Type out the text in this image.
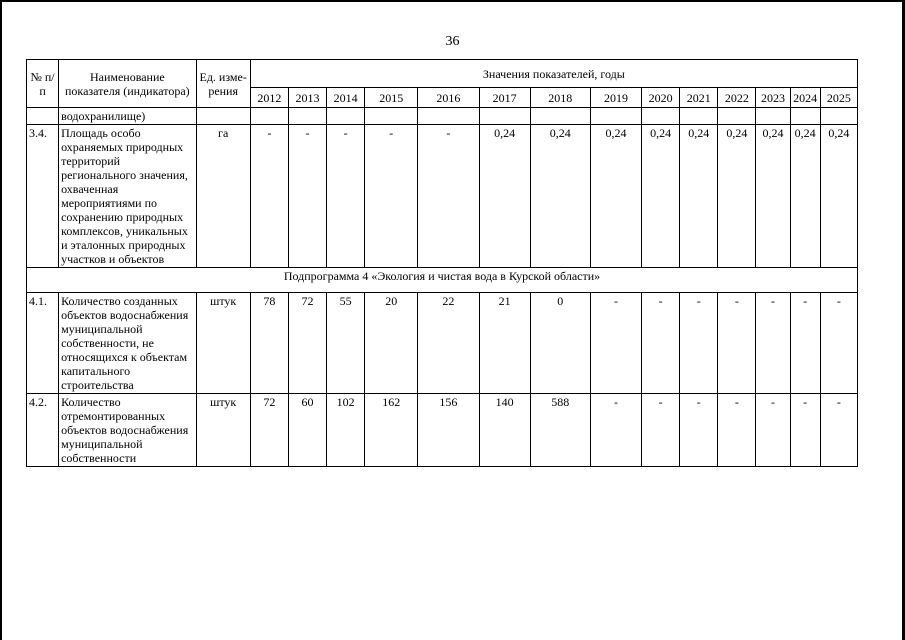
36
№ п/п	Наименование показателя (индикатора)	Ед. изме-рения	Значения показателей, годы													
			2012	2013	2014	2015	2016	2017	2018	2019	2020	2021	2022	2023	2024	2025
	водохранилище)															
3.4.	Площадь особо охраняемых природных территорий регионального значения, охваченная мероприятиями по сохранению природных комплексов, уникальных и эталонных природных участков и объектов	га	-	-	-	-	-	0,24	0,24	0,24	0,24	0,24	0,24	0,24	0,24	0,24
Подпрограмма 4 «Экология и чистая вода в Курской области»																
4.1.	Количество созданных объектов водоснабжения муниципальной собственности, не относящихся к объектам капитального строительства	штук	78	72	55	20	22	21	0	-	-	-	-	-	-	-
4.2.	Количество отремонтированных объектов водоснабжения муниципальной собственности	штук	72	60	102	162	156	140	588	-	-	-	-	-	-	-
